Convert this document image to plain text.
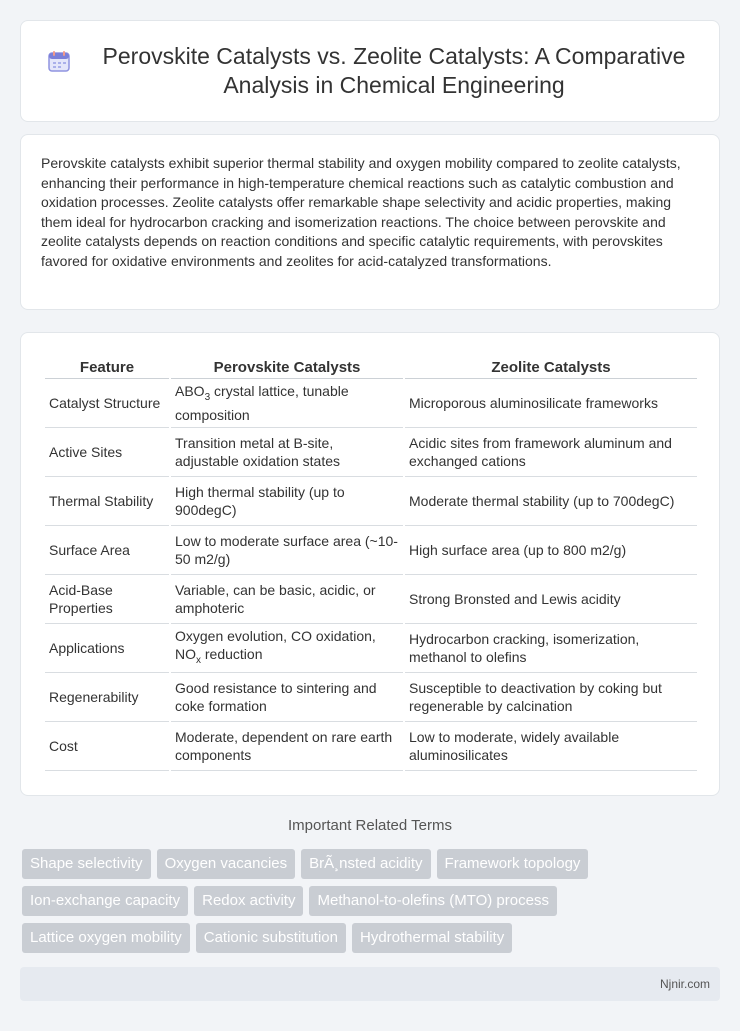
Perovskite Catalysts vs. Zeolite Catalysts: A Comparative Analysis in Chemical Engineering

Perovskite catalysts exhibit superior thermal stability and oxygen mobility compared to zeolite catalysts, enhancing their performance in high-temperature chemical reactions such as catalytic combustion and oxidation processes. Zeolite catalysts offer remarkable shape selectivity and acidic properties, making them ideal for hydrocarbon cracking and isomerization reactions. The choice between perovskite and zeolite catalysts depends on reaction conditions and specific catalytic requirements, with perovskites favored for oxidative environments and zeolites for acid-catalyzed transformations.

Feature	Perovskite Catalysts	Zeolite Catalysts
Catalyst Structure	$ABO_3$ crystal lattice, tunable composition	Microporous aluminosilicate frameworks
Active Sites	Transition metal at B-site, adjustable oxidation states	Acidic sites from framework aluminum and exchanged cations
Thermal Stability	High thermal stability (up to 900degC)	Moderate thermal stability (up to 700degC)
Surface Area	Low to moderate surface area (~10-50 m2/g)	High surface area (up to 800 m2/g)
Acid-Base Properties	Variable, can be basic, acidic, or amphoteric	Strong Bronsted and Lewis acidity
Applications	Oxygen evolution, CO oxidation, $NO_x$ reduction	Hydrocarbon cracking, isomerization, methanol to olefins
Regenerability	Good resistance to sintering and coke formation	Susceptible to deactivation by coking but regenerable by calcination
Cost	Moderate, dependent on rare earth components	Low to moderate, widely available aluminosilicates
Important Related Terms
Shape selectivity	Oxygen vacancies	BrÃ¸nsted acidity	Framework topology
Ion-exchange capacity	Redox activity	Methanol-to-olefins (MTO) process
Lattice oxygen mobility	Cationic substitution	Hydrothermal stability
Njnir.com
